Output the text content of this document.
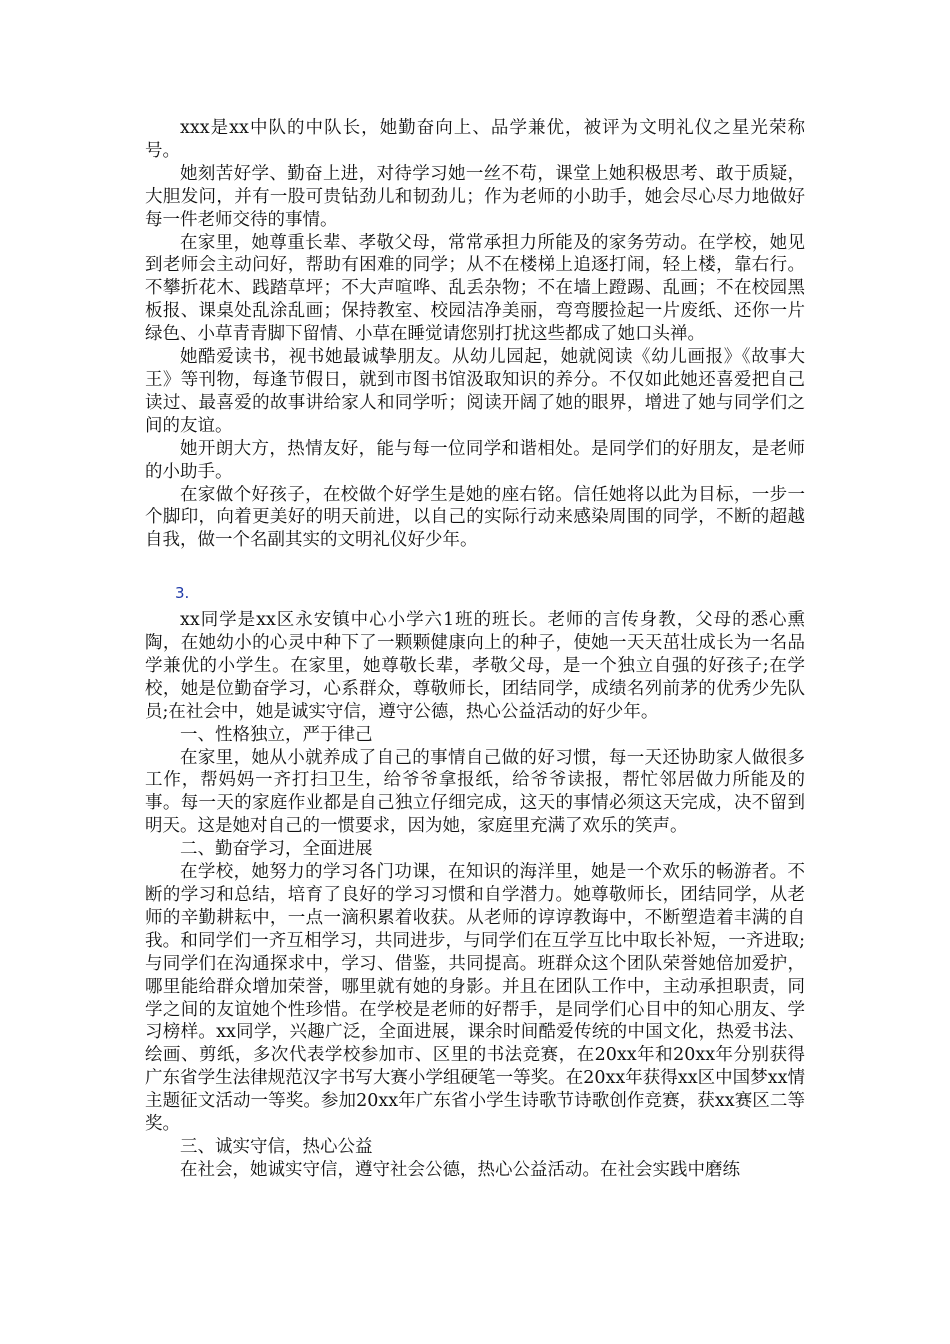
xxx是xx中队的中队长，她勤奋向上、品学兼优，被评为文明礼仪之星光荣称号。

她刻苦好学、勤奋上进，对待学习她一丝不苟，课堂上她积极思考、敢于质疑，大胆发问，并有一股可贵钻劲儿和韧劲儿；作为老师的小助手，她会尽心尽力地做好每一件老师交待的事情。

在家里，她尊重长辈、孝敬父母，常常承担力所能及的家务劳动。在学校，她见到老师会主动问好，帮助有困难的同学；从不在楼梯上追逐打闹，轻上楼，靠右行。不攀折花木、践踏草坪；不大声喧哗、乱丢杂物；不在墙上蹬踢、乱画；不在校园黑板报、课桌处乱涂乱画；保持教室、校园洁净美丽，弯弯腰捡起一片废纸、还你一片绿色、小草青青脚下留情、小草在睡觉请您别打扰这些都成了她口头禅。

她酷爱读书，视书她最诚挚朋友。从幼儿园起，她就阅读《幼儿画报》《故事大王》等刊物，每逢节假日，就到市图书馆汲取知识的养分。不仅如此她还喜爱把自己读过、最喜爱的故事讲给家人和同学听；阅读开阔了她的眼界，增进了她与同学们之间的友谊。

她开朗大方，热情友好，能与每一位同学和谐相处。是同学们的好朋友，是老师的小助手。

在家做个好孩子，在校做个好学生是她的座右铭。信任她将以此为目标，一步一个脚印，向着更美好的明天前进，以自己的实际行动来感染周围的同学，不断的超越自我，做一个名副其实的文明礼仪好少年。

3.

xx同学是xx区永安镇中心小学六1班的班长。老师的言传身教，父母的悉心熏陶，在她幼小的心灵中种下了一颗颗健康向上的种子，使她一天天茁壮成长为一名品学兼优的小学生。在家里，她尊敬长辈，孝敬父母，是一个独立自强的好孩子;在学校，她是位勤奋学习，心系群众，尊敬师长，团结同学，成绩名列前茅的优秀少先队员;在社会中，她是诚实守信，遵守公德，热心公益活动的好少年。

一、性格独立，严于律己

在家里，她从小就养成了自己的事情自己做的好习惯，每一天还协助家人做很多工作，帮妈妈一齐打扫卫生，给爷爷拿报纸，给爷爷读报，帮忙邻居做力所能及的事。每一天的家庭作业都是自己独立仔细完成，这天的事情必须这天完成，决不留到明天。这是她对自己的一惯要求，因为她，家庭里充满了欢乐的笑声。

二、勤奋学习，全面进展

在学校，她努力的学习各门功课，在知识的海洋里，她是一个欢乐的畅游者。不断的学习和总结，培育了良好的学习习惯和自学潜力。她尊敬师长，团结同学，从老师的辛勤耕耘中，一点一滴积累着收获。从老师的谆谆教诲中，不断塑造着丰满的自我。和同学们一齐互相学习，共同进步，与同学们在互学互比中取长补短，一齐进取;与同学们在沟通探求中，学习、借鉴，共同提高。班群众这个团队荣誉她倍加爱护，哪里能给群众增加荣誉，哪里就有她的身影。并且在团队工作中，主动承担职责，同学之间的友谊她个性珍惜。在学校是老师的好帮手，是同学们心目中的知心朋友、学习榜样。xx同学，兴趣广泛，全面进展，课余时间酷爱传统的中国文化，热爱书法、绘画、剪纸，多次代表学校参加市、区里的书法竞赛，在20xx年和20xx年分别获得广东省学生法律规范汉字书写大赛小学组硬笔一等奖。在20xx年获得xx区中国梦xx情主题征文活动一等奖。参加20xx年广东省小学生诗歌节诗歌创作竞赛，获xx赛区二等奖。

三、诚实守信，热心公益

在社会，她诚实守信，遵守社会公德，热心公益活动。在社会实践中磨练
